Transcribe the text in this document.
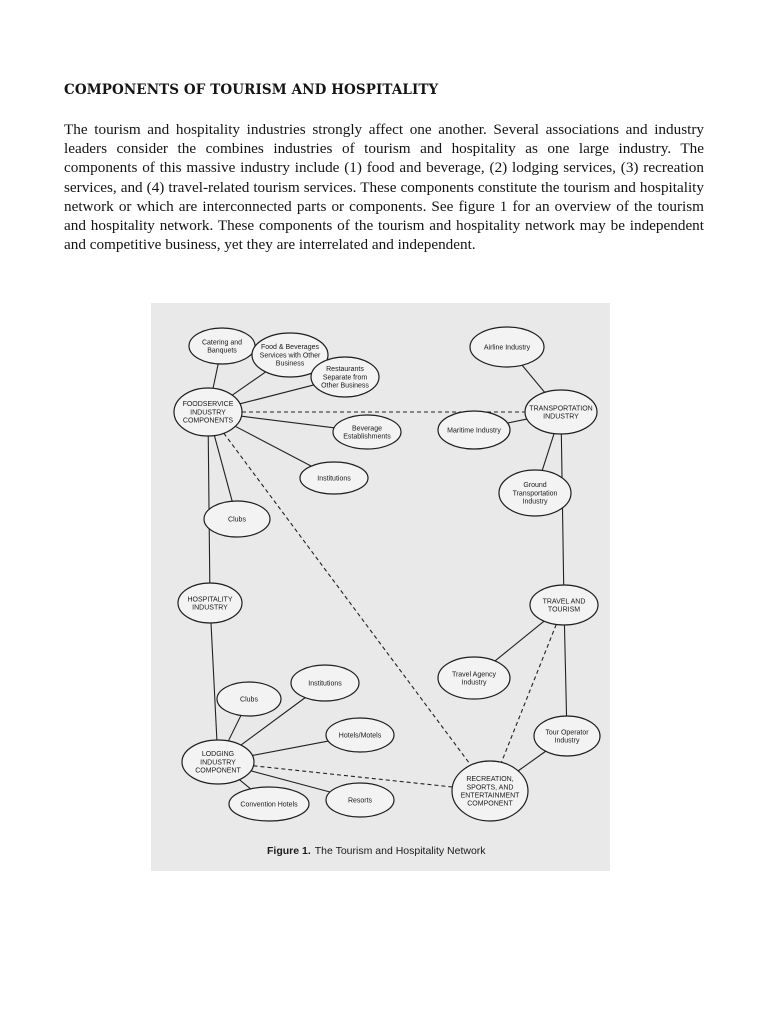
COMPONENTS OF TOURISM AND HOSPITALITY

The tourism and hospitality industries strongly affect one another. Several associations and industry leaders consider the combines industries of tourism and hospitality as one large industry. The components of this massive industry include (1) food and beverage, (2) lodging services, (3) recreation services, and (4) travel-related tourism services. These components constitute the tourism and hospitality network or which are interconnected parts or components. See figure 1 for an overview of the tourism and hospitality network. These components of the tourism and hospitality network may be independent and competitive business, yet they are interrelated and independent.

Catering and
Banquets	Food & Beverages
Services with Other
Business
Restaurants
Separate from
Other Business
FOODSERVICE
INDUSTRY
COMPONENTS
Beverage
Establishments
Institutions
Clubs
HOSPITALITY
INDUSTRY
Clubs
Institutions
Hotels/Motels
LODGING
INDUSTRY
COMPONENT
Convention Hotels
Resorts
Airline Industry
TRANSPORTATION
INDUSTRY
Maritime Industry
Ground
Transportation
Industry
TRAVEL AND
TOURISM
Travel Agency
Industry
Tour Operator
Industry
RECREATION,
SPORTS, AND
ENTERTAINMENT
COMPONENT
Figure 1. The Tourism and Hospitality Network
